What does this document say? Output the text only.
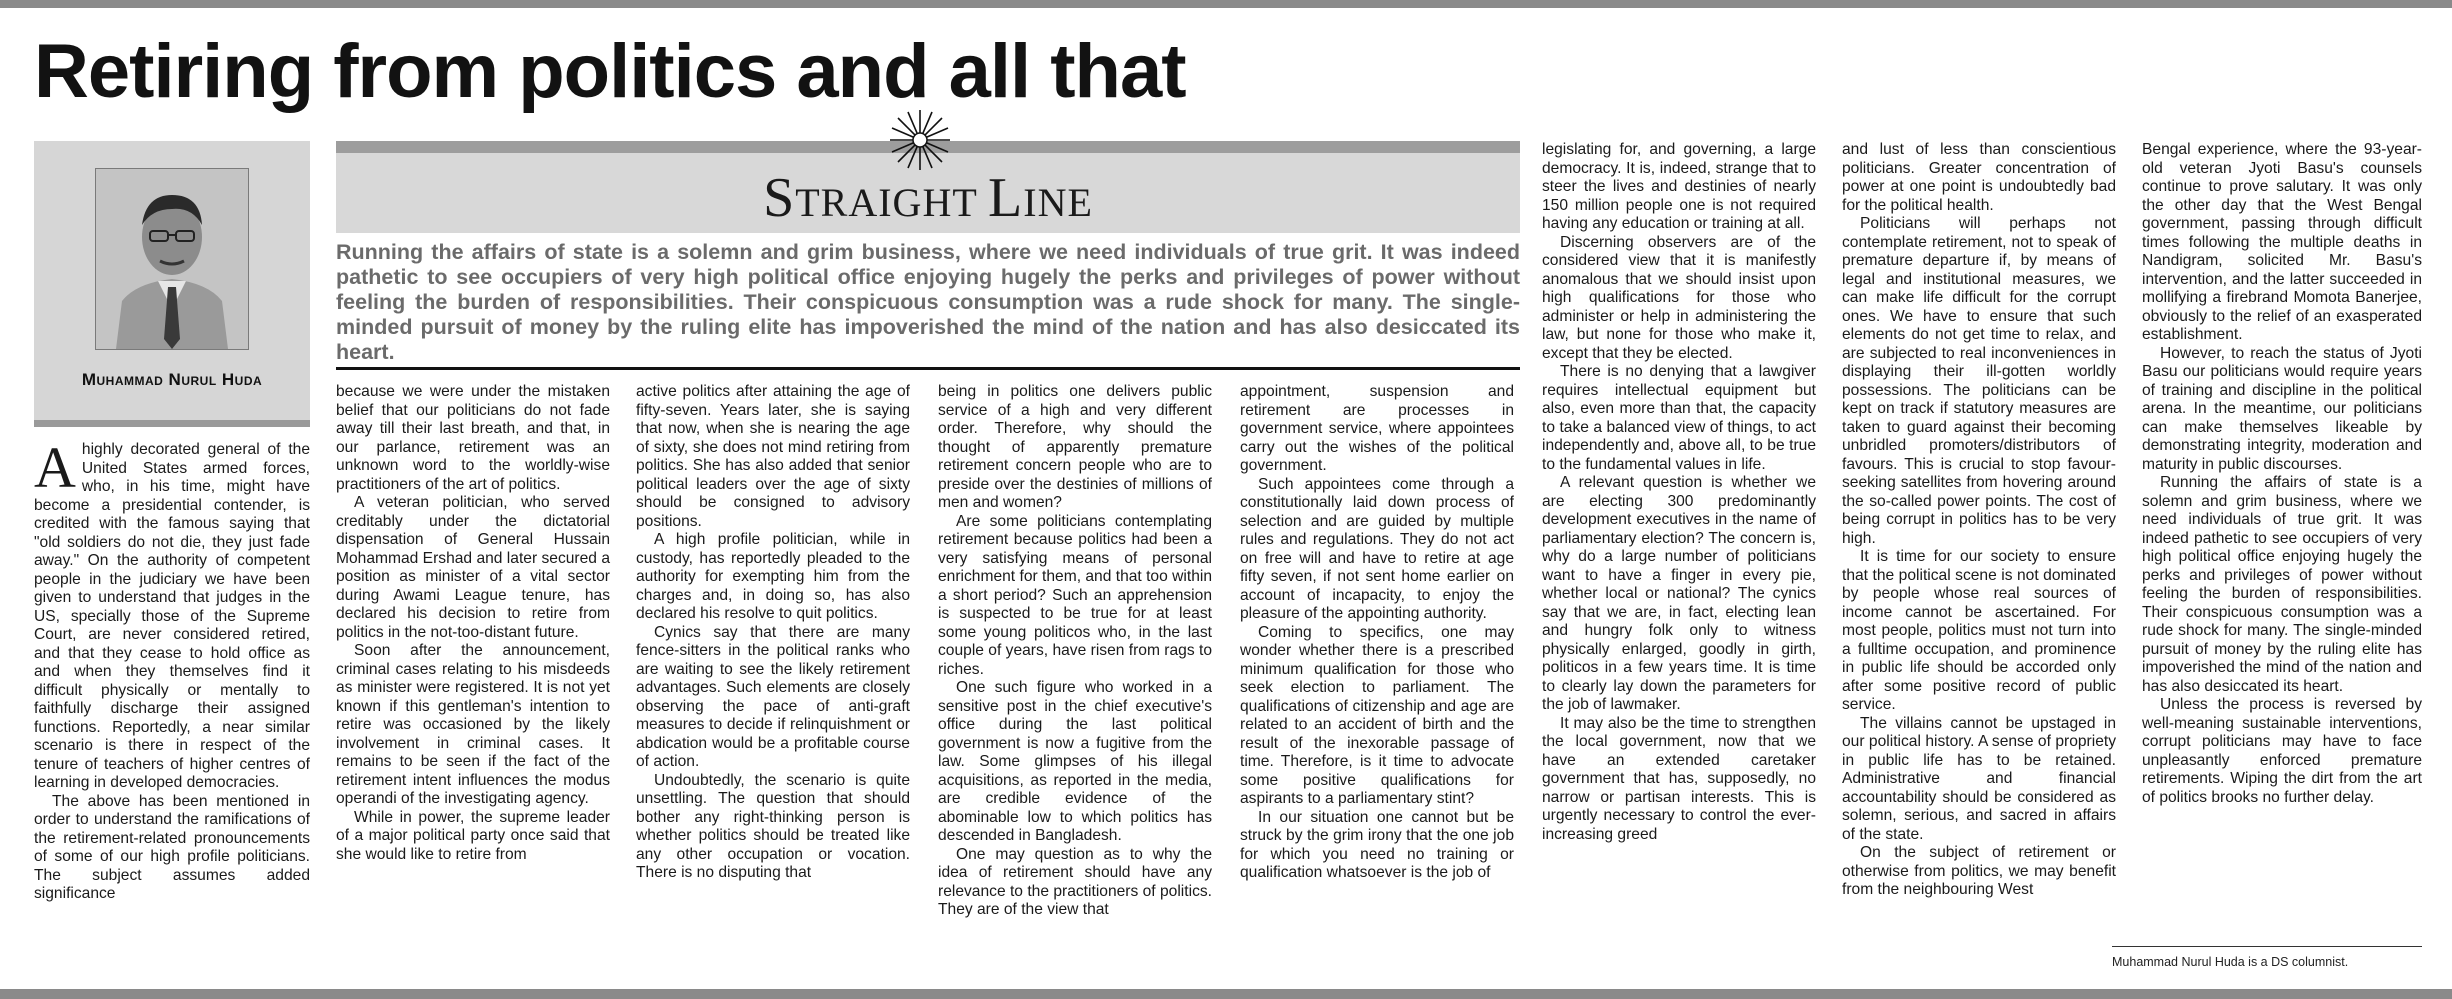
Retiring from politics and all that
Muhammad Nurul Huda
STRAIGHT LINE

Running the affairs of state is a solemn and grim business, where we need individuals of true grit. It was indeed pathetic to see occupiers of very high political office enjoying hugely the perks and privileges of power without feeling the burden of responsibilities. Their conspicuous consumption was a rude shock for many. The single-minded pursuit of money by the ruling elite has impoverished the mind of the nation and has also desiccated its heart.

Ahighly decorated general of the United States armed forces, who, in his time, might have become a presidential contender, is credited with the famous saying that "old soldiers do not die, they just fade away." On the authority of competent people in the judiciary we have been given to understand that judges in the US, specially those of the Supreme Court, are never considered retired, and that they cease to hold office as and when they themselves find it difficult physically or mentally to faithfully discharge their assigned functions. Reportedly, a near similar scenario is there in respect of the tenure of teachers of higher centres of learning in developed democracies.

The above has been mentioned in order to understand the ramifications of the retirement-related pronouncements of some of our high profile politicians. The subject assumes added significance

because we were under the mistaken belief that our politicians do not fade away till their last breath, and that, in our parlance, retirement was an unknown word to the worldly-wise practitioners of the art of politics.

A veteran politician, who served creditably under the dictatorial dispensation of General Hussain Mohammad Ershad and later secured a position as minister of a vital sector during Awami League tenure, has declared his decision to retire from politics in the not-too-distant future.

Soon after the announcement, criminal cases relating to his misdeeds as minister were registered. It is not yet known if this gentleman's intention to retire was occasioned by the likely involvement in criminal cases. It remains to be seen if the fact of the retirement intent influences the modus operandi of the investigating agency.

While in power, the supreme leader of a major political party once said that she would like to retire from

active politics after attaining the age of fifty-seven. Years later, she is saying that now, when she is nearing the age of sixty, she does not mind retiring from politics. She has also added that senior political leaders over the age of sixty should be consigned to advisory positions.

A high profile politician, while in custody, has reportedly pleaded to the authority for exempting him from the charges and, in doing so, has also declared his resolve to quit politics.

Cynics say that there are many fence-sitters in the political ranks who are waiting to see the likely retirement advantages. Such elements are closely observing the pace of anti-graft measures to decide if relinquishment or abdication would be a profitable course of action.

Undoubtedly, the scenario is quite unsettling. The question that should bother any right-thinking person is whether politics should be treated like any other occupation or vocation. There is no disputing that

being in politics one delivers public service of a high and very different order. Therefore, why should the thought of apparently premature retirement concern people who are to preside over the destinies of millions of men and women?

Are some politicians contemplating retirement because politics had been a very satisfying means of personal enrichment for them, and that too within a short period? Such an apprehension is suspected to be true for at least some young politicos who, in the last couple of years, have risen from rags to riches.

One such figure who worked in a sensitive post in the chief executive's office during the last political government is now a fugitive from the law. Some glimpses of his illegal acquisitions, as reported in the media, are credible evidence of the abominable low to which politics has descended in Bangladesh.

One may question as to why the idea of retirement should have any relevance to the practitioners of politics. They are of the view that

appointment, suspension and retirement are processes in government service, where appointees carry out the wishes of the political government.

Such appointees come through a constitutionally laid down process of selection and are guided by multiple rules and regulations. They do not act on free will and have to retire at age fifty seven, if not sent home earlier on account of incapacity, to enjoy the pleasure of the appointing authority.

Coming to specifics, one may wonder whether there is a prescribed minimum qualification for those who seek election to parliament. The qualifications of citizenship and age are related to an accident of birth and the result of the inexorable passage of time. Therefore, is it time to advocate some positive qualifications for aspirants to a parliamentary stint?

In our situation one cannot but be struck by the grim irony that the one job for which you need no training or qualification whatsoever is the job of

legislating for, and governing, a large democracy. It is, indeed, strange that to steer the lives and destinies of nearly 150 million people one is not required having any education or training at all.

Discerning observers are of the considered view that it is manifestly anomalous that we should insist upon high qualifications for those who administer or help in administering the law, but none for those who make it, except that they be elected.

There is no denying that a lawgiver requires intellectual equipment but also, even more than that, the capacity to take a balanced view of things, to act independently and, above all, to be true to the fundamental values in life.

A relevant question is whether we are electing 300 predominantly development executives in the name of parliamentary election? The concern is, why do a large number of politicians want to have a finger in every pie, whether local or national? The cynics say that we are, in fact, electing lean and hungry folk only to witness physically enlarged, goodly in girth, politicos in a few years time. It is time to clearly lay down the parameters for the job of lawmaker.

It may also be the time to strengthen the local government, now that we have an extended caretaker government that has, supposedly, no narrow or partisan interests. This is urgently necessary to control the ever-increasing greed

and lust of less than conscientious politicians. Greater concentration of power at one point is undoubtedly bad for the political health.

Politicians will perhaps not contemplate retirement, not to speak of premature departure if, by means of legal and institutional measures, we can make life difficult for the corrupt ones. We have to ensure that such elements do not get time to relax, and are subjected to real inconveniences in displaying their ill-gotten worldly possessions. The politicians can be kept on track if statutory measures are taken to guard against their becoming unbridled promoters/distributors of favours. This is crucial to stop favour-seeking satellites from hovering around the so-called power points. The cost of being corrupt in politics has to be very high.

It is time for our society to ensure that the political scene is not dominated by people whose real sources of income cannot be ascertained. For most people, politics must not turn into a fulltime occupation, and prominence in public life should be accorded only after some positive record of public service.

The villains cannot be upstaged in our political history. A sense of propriety in public life has to be retained. Administrative and financial accountability should be considered as solemn, serious, and sacred in affairs of the state.

On the subject of retirement or otherwise from politics, we may benefit from the neighbouring West

Bengal experience, where the 93-year-old veteran Jyoti Basu's counsels continue to prove salutary. It was only the other day that the West Bengal government, passing through difficult times following the multiple deaths in Nandigram, solicited Mr. Basu's intervention, and the latter succeeded in mollifying a firebrand Momota Banerjee, obviously to the relief of an exasperated establishment.

However, to reach the status of Jyoti Basu our politicians would require years of training and discipline in the political arena. In the meantime, our politicians can make themselves likeable by demonstrating integrity, moderation and maturity in public discourses.

Running the affairs of state is a solemn and grim business, where we need individuals of true grit. It was indeed pathetic to see occupiers of very high political office enjoying hugely the perks and privileges of power without feeling the burden of responsibilities. Their conspicuous consumption was a rude shock for many. The single-minded pursuit of money by the ruling elite has impoverished the mind of the nation and has also desiccated its heart.

Unless the process is reversed by well-meaning sustainable interventions, corrupt politicians may have to face unpleasantly enforced premature retirements. Wiping the dirt from the art of politics brooks no further delay.

Muhammad Nurul Huda is a DS columnist.
